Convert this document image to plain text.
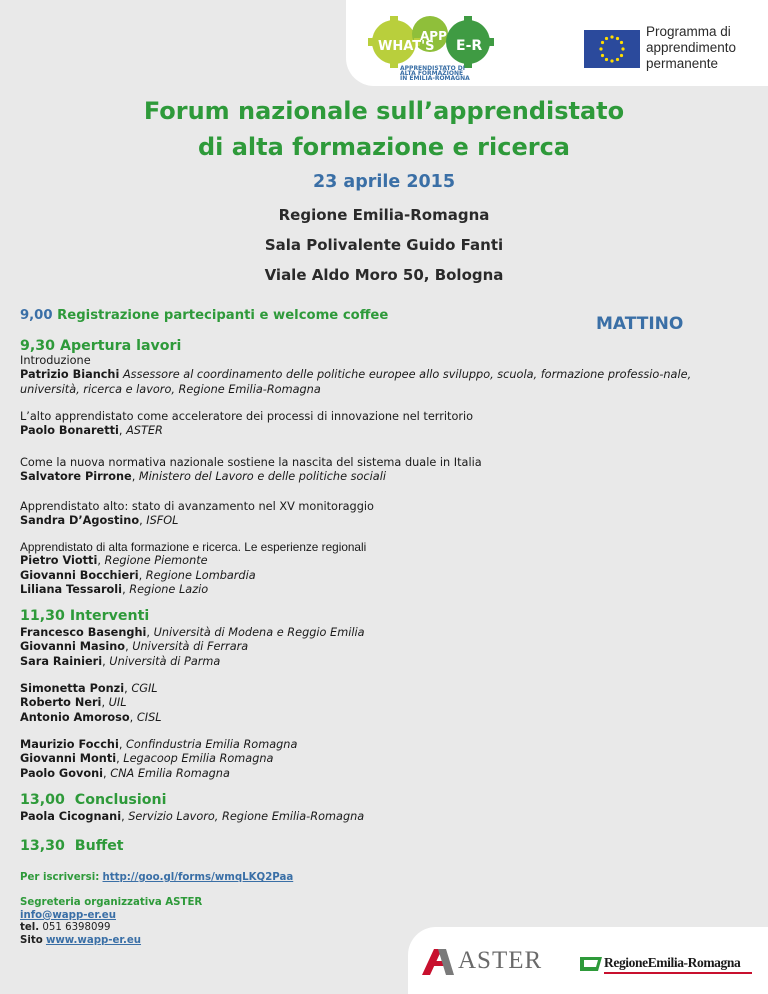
WHAT'S
APP
E-R
APPRENDISTATO DI
ALTA FORMAZIONE
IN EMILIA-ROMAGNA
Programma di
apprendimento
permanente
Forum nazionale sull’apprendistato
di alta formazione e ricerca
23 aprile 2015
Regione Emilia-Romagna
Sala Polivalente Guido Fanti
Viale Aldo Moro 50, Bologna
9,00 Registrazione partecipanti e welcome coffee	MATTINO
9,30 Apertura lavori
Introduzione
Patrizio Bianchi Assessore al coordinamento delle politiche europee allo sviluppo, scuola, formazione professio-nale, università, ricerca e lavoro, Regione Emilia-Romagna
L’alto apprendistato come acceleratore dei processi di innovazione nel territorio
Paolo Bonaretti, ASTER
Come la nuova normativa nazionale sostiene la nascita del sistema duale in Italia
Salvatore Pirrone, Ministero del Lavoro e delle politiche sociali
Apprendistato alto: stato di avanzamento nel XV monitoraggio
Sandra D’Agostino, ISFOL
Apprendistato di alta formazione e ricerca. Le esperienze regionali
Pietro Viotti, Regione Piemonte
Giovanni Bocchieri, Regione Lombardia
Liliana Tessaroli, Regione Lazio
11,30 Interventi
Francesco Basenghi, Università di Modena e Reggio Emilia
Giovanni Masino, Università di Ferrara
Sara Rainieri, Università di Parma
Simonetta Ponzi, CGIL
Roberto Neri, UIL
Antonio Amoroso, CISL
Maurizio Focchi, Confindustria Emilia Romagna
Giovanni Monti, Legacoop Emilia Romagna
Paolo Govoni, CNA Emilia Romagna
13,00 Conclusioni
Paola Cicognani, Servizio Lavoro, Regione Emilia-Romagna
13,30 Buffet
Per iscriversi: http://goo.gl/forms/wmqLKQ2Paa
Segreteria organizzativa ASTER
info@wapp-er.eu
tel. 051 6398099
Sito www.wapp-er.eu
ASTER	RegioneEmilia-Romagna
